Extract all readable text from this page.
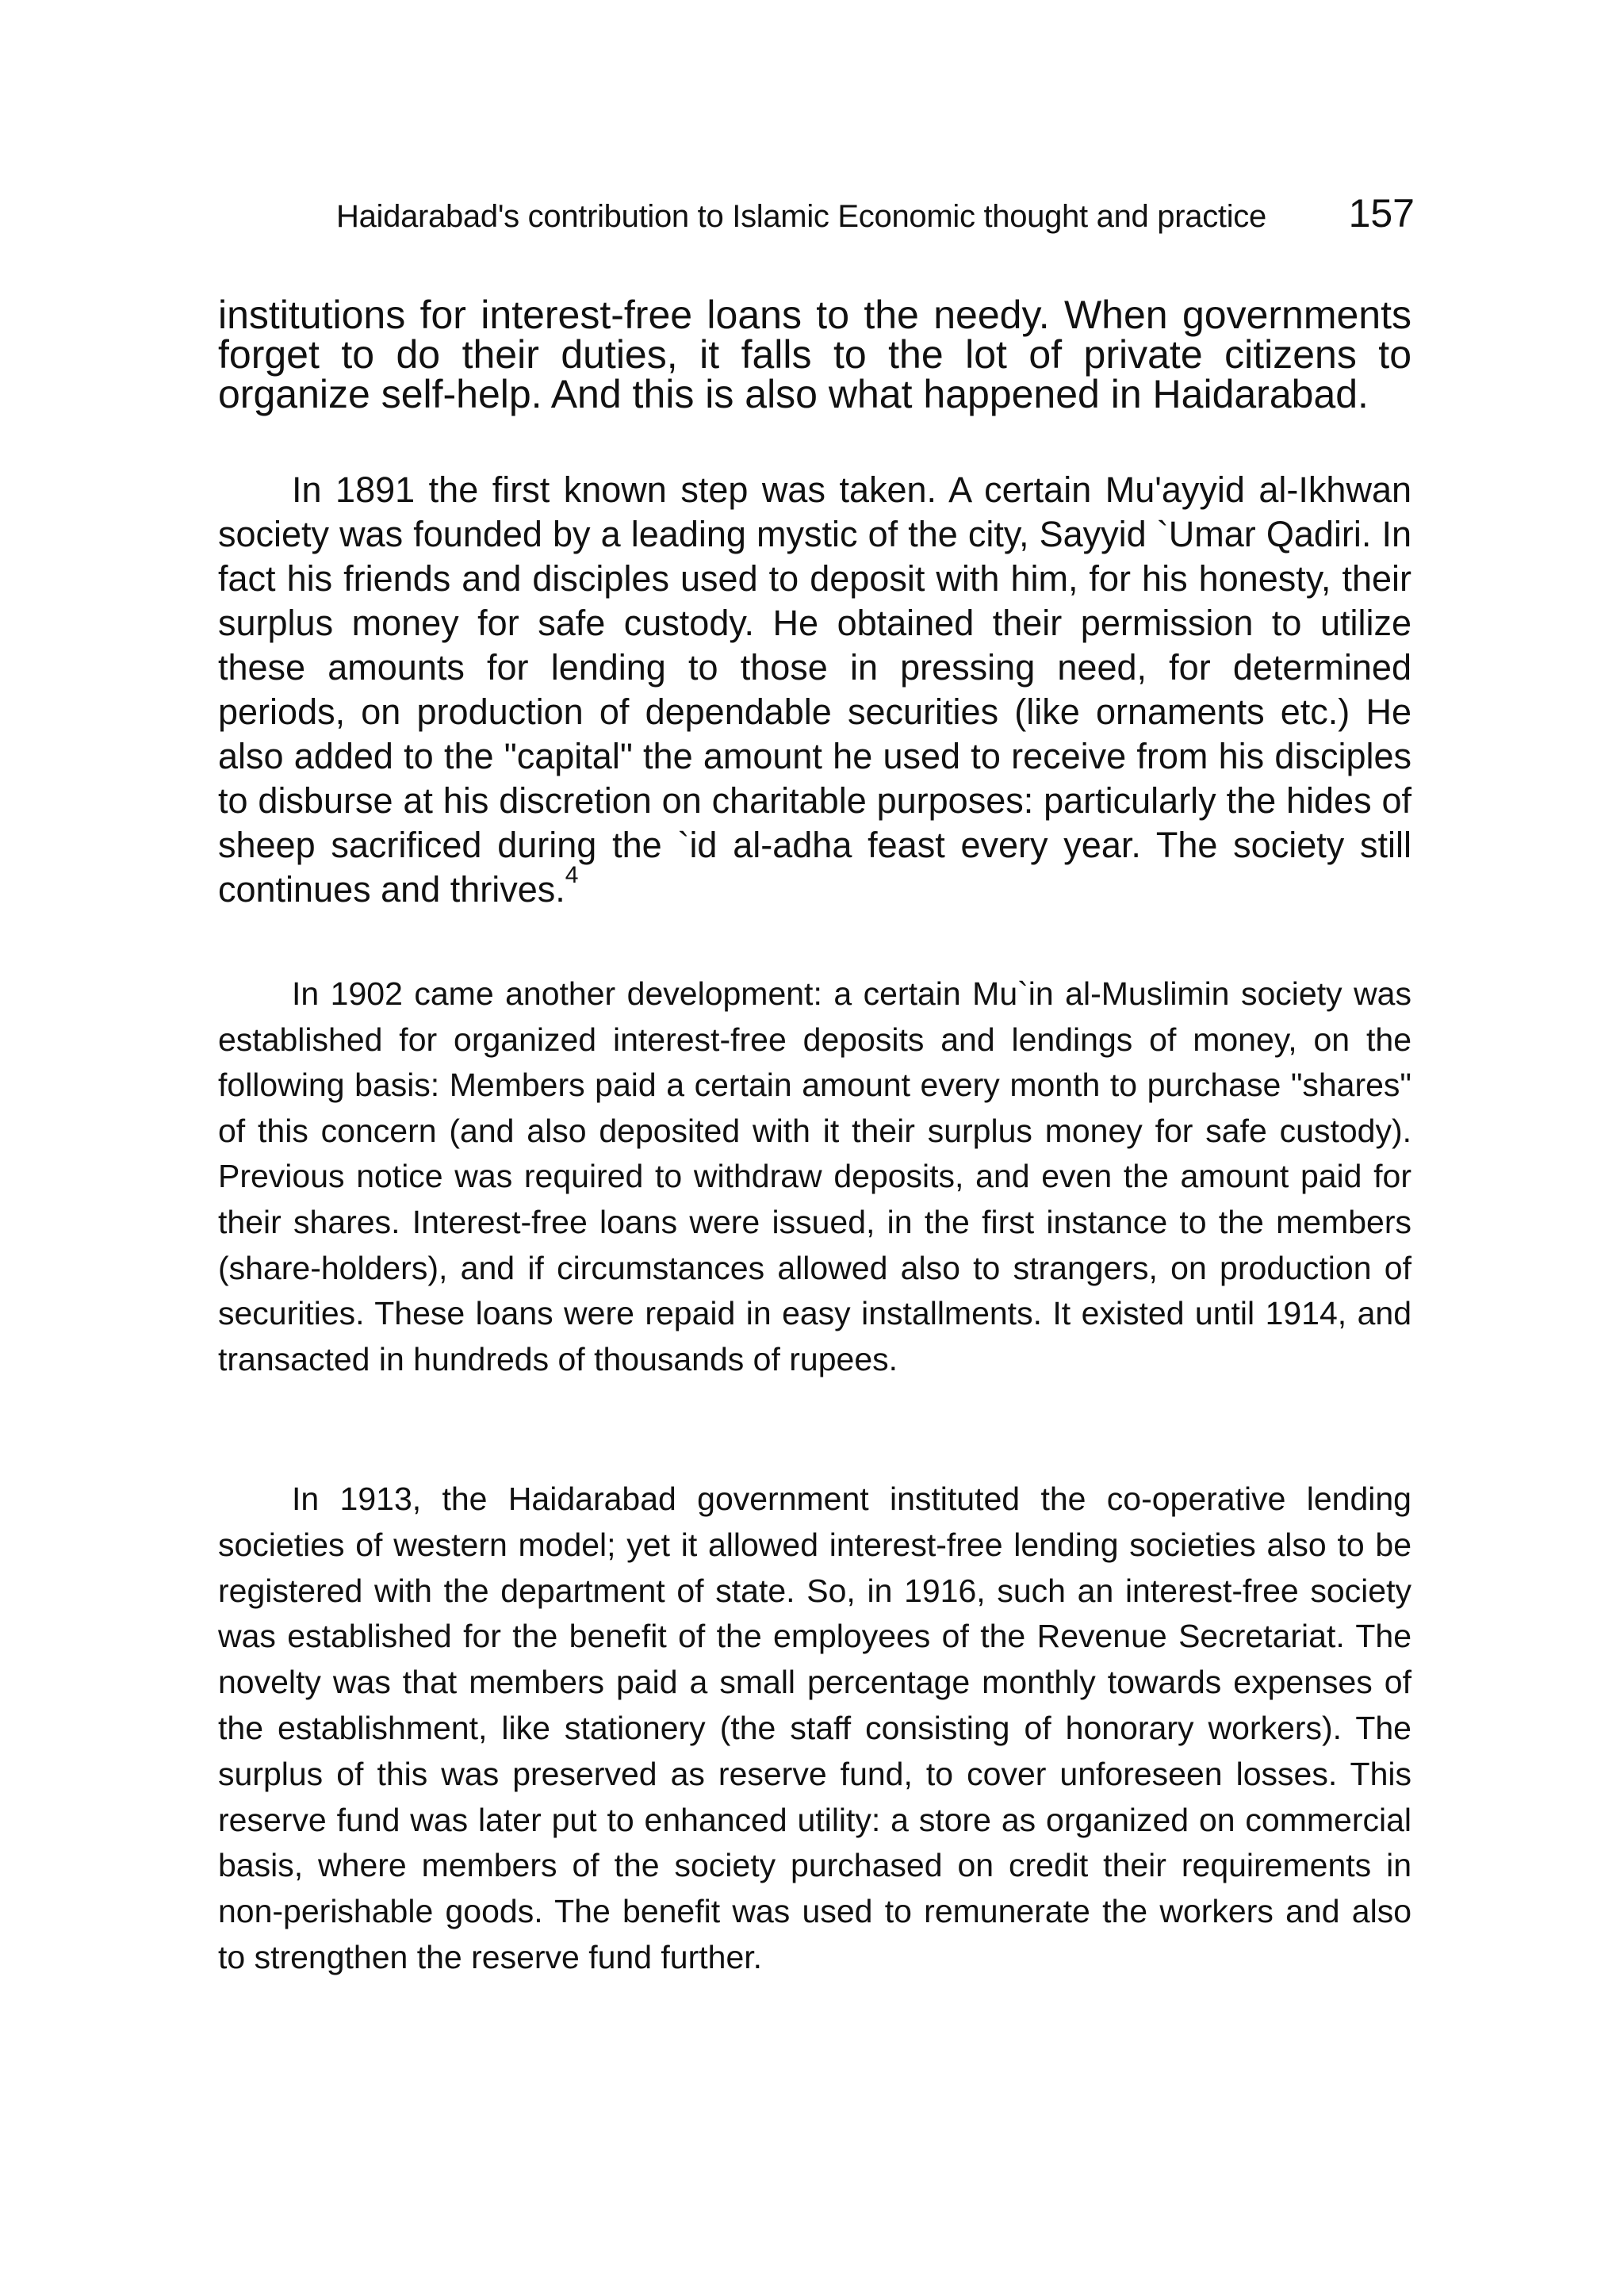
Haidarabad's contribution to Islamic Economic thought and practice 157

institutions for interest-free loans to the needy. When governments forget to do their duties, it falls to the lot of private citizens to organize self-help. And this is also what happened in Haidarabad.

In 1891 the first known step was taken. A certain Mu'ayyid al-Ikhwan society was founded by a leading mystic of the city, Sayyid `Umar Qadiri. In fact his friends and disciples used to deposit with him, for his honesty, their surplus money for safe custody. He obtained their permission to utilize these amounts for lending to those in pressing need, for determined periods, on production of dependable securities (like ornaments etc.) He also added to the "capital" the amount he used to receive from his disciples to disburse at his discretion on charitable purposes: particularly the hides of sheep sacrificed during the `id al-adha feast every year. The society still continues and thrives.$^4$

In 1902 came another development: a certain Mu`in al-Muslimin society was established for organized interest-free deposits and lendings of money, on the following basis: Members paid a certain amount every month to purchase "shares" of this concern (and also deposited with it their surplus money for safe custody). Previous notice was required to withdraw deposits, and even the amount paid for their shares. Interest-free loans were issued, in the first instance to the members (share-holders), and if circumstances allowed also to strangers, on production of securities. These loans were repaid in easy installments. It existed until 1914, and transacted in hundreds of thousands of rupees.

In 1913, the Haidarabad government instituted the co-operative lending societies of western model; yet it allowed interest-free lending societies also to be registered with the department of state. So, in 1916, such an interest-free society was established for the benefit of the employees of the Revenue Secretariat. The novelty was that members paid a small percentage monthly towards expenses of the establishment, like stationery (the staff consisting of honorary workers). The surplus of this was preserved as reserve fund, to cover unforeseen losses. This reserve fund was later put to enhanced utility: a store as organized on commercial basis, where members of the society purchased on credit their requirements in non-perishable goods. The benefit was used to remunerate the workers and also to strengthen the reserve fund further.
